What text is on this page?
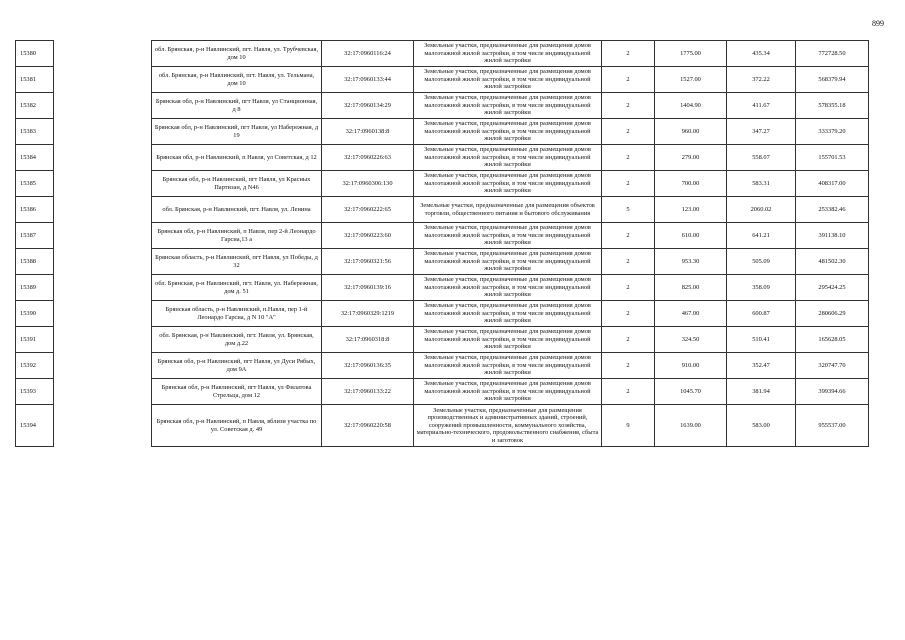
899
15380		обл. Брянская, р-н Навлинский, пгт. Навля, ул. Трубчевская, дом 10	32:17:0960116:24	Земельные участки, предназначенные для размещения домов малоэтажной жилой застройки, в том числе индивидуальной жилой застройки	2	1775.00	435.34	772728.50
15381		обл. Брянская, р-н Навлинский, пгт. Навля, ул. Тельмана, дом 10	32:17:0960133:44	Земельные участки, предназначенные для размещения домов малоэтажной жилой застройки, в том числе индивидуальной жилой застройки	2	1527.00	372.22	568379.94
15382		Брянская обл, р-н Навлинский, пгт Навля, ул Станционная, д 8	32:17:0960134:29	Земельные участки, предназначенные для размещения домов малоэтажной жилой застройки, в том числе индивидуальной жилой застройки	2	1404.90	411.67	578355.18
15383		Брянская обл, р-н Навлинский, пгт Навля, ул Набережная, д 19	32:17:0960138:8	Земельные участки, предназначенные для размещения домов малоэтажной жилой застройки, в том числе индивидуальной жилой застройки	2	960.00	347.27	333379.20
15384		Брянская обл, р-н Навлинский, п Навля, ул Советская, д 12	32:17:0960226:63	Земельные участки, предназначенные для размещения домов малоэтажной жилой застройки, в том числе индивидуальной жилой застройки	2	279.00	558.07	155701.53
15385		Брянская обл, р-н Навлинский, пгт Навля, ул Красных Партизан, д N46	32:17:0960306:130	Земельные участки, предназначенные для размещения домов малоэтажной жилой застройки, в том числе индивидуальной жилой застройки	2	700.00	583.31	408317.00
15386		обл. Брянская, р-н Навлинский, пгт. Навля, ул. Ленина	32:17:0960222:65	Земельные участки, предназначенные для размещения объектов торговли, общественного питания и бытового обслуживания	5	123.00	2060.02	253382.46
15387		Брянская обл, р-н Навлинский, п Навля, пер 2-й Леонардо Гарсиа,13 а	32:17:0960223:60	Земельные участки, предназначенные для размещения домов малоэтажной жилой застройки, в том числе индивидуальной жилой застройки	2	610.00	641.21	391138.10
15388		Брянская область, р-н Навлинский, пгт Навля, ул Победы, д 32	32:17:0960321:56	Земельные участки, предназначенные для размещения домов малоэтажной жилой застройки, в том числе индивидуальной жилой застройки	2	953.30	505.09	481502.30
15389		обл. Брянская, р-н Навлинский, пгт. Навля, ул. Набережная, дом д. 51	32:17:0960139:16	Земельные участки, предназначенные для размещения домов малоэтажной жилой застройки, в том числе индивидуальной жилой застройки	2	825.00	358.09	295424.25
15390		Брянская область, р-н Навлинский, п.Навля, пер 1-й Леонардо Гарсиа, д N 10 "А"	32:17:0960329:1219	Земельные участки, предназначенные для размещения домов малоэтажной жилой застройки, в том числе индивидуальной жилой застройки	2	467.00	600.87	280606.29
15391		обл. Брянская, р-н Навлинский, пгт. Навля, ул. Брянская, дом д.22	32:17:0960318:8	Земельные участки, предназначенные для размещения домов малоэтажной жилой застройки, в том числе индивидуальной жилой застройки	2	324.50	510.41	165628.05
15392		Брянская обл, р-н Навлинский, пгт Навля, ул Дуси Рябых, дом 9А	32:17:0960136:35	Земельные участки, предназначенные для размещения домов малоэтажной жилой застройки, в том числе индивидуальной жилой застройки	2	910.00	352.47	320747.70
15393		Брянская обл, р-н Навлинский, пгт Навля, ул Филатова Стрельца, дом 12	32:17:0960133:22	Земельные участки, предназначенные для размещения домов малоэтажной жилой застройки, в том числе индивидуальной жилой застройки	2	1045.70	381.94	399394.66
15394		Брянская обл, р-н Навлинский, п Навля, вблизи участка по ул. Советская д. 49	32:17:0960220:58	Земельные участки, предназначенные для размещения производственных и административных зданий, строений, сооружений промышленности, коммунального хозяйства, материально-технического, продовольственного снабжения, сбыта и заготовок	9	1639.00	583.00	955537.00
